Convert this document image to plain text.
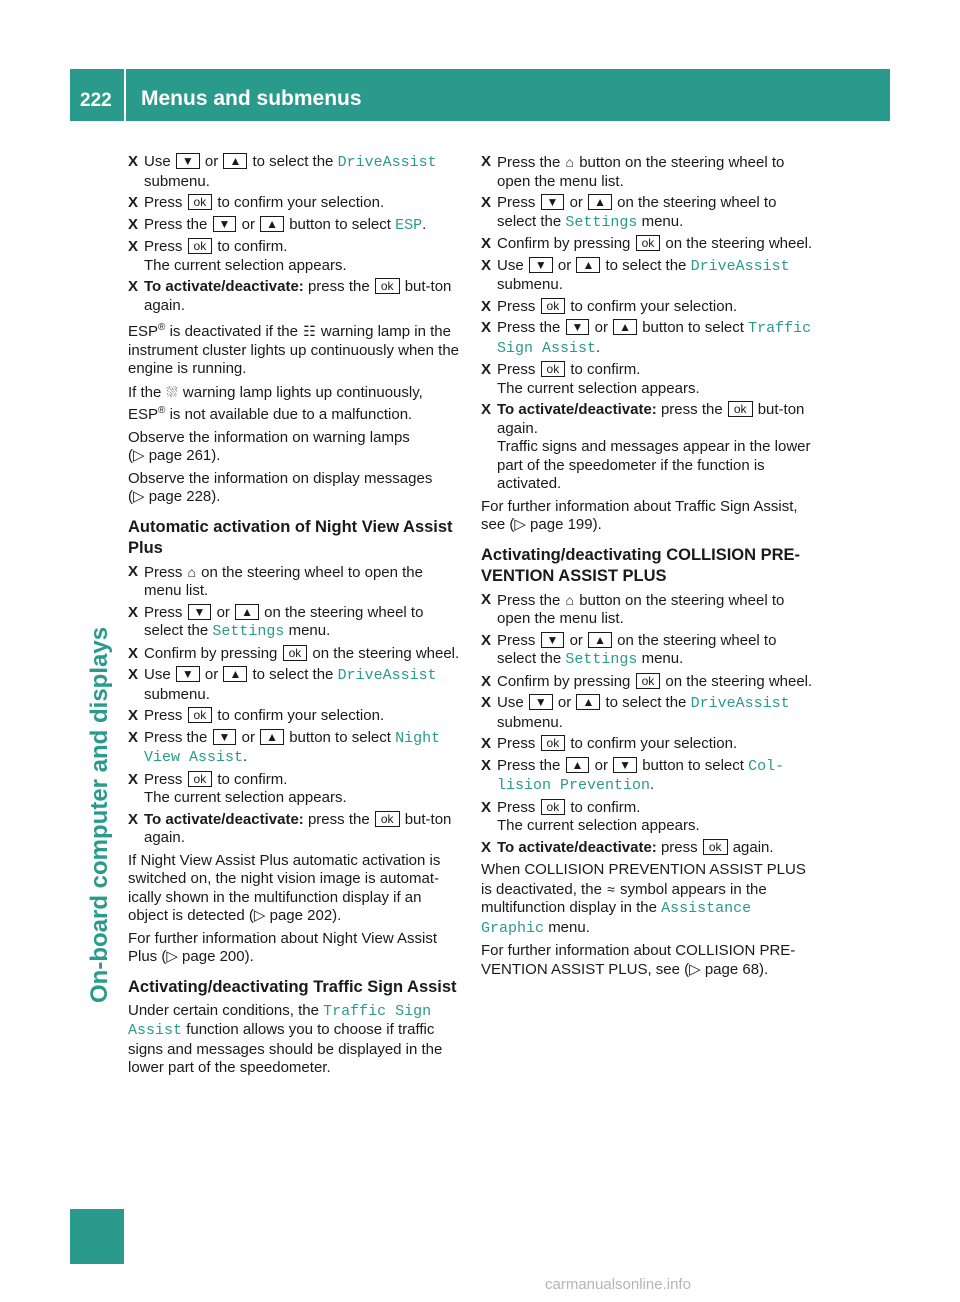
222 Menus and submenus
On-board computer and displays
X Use ▼ or ▲ to select the DriveAssist submenu.
X Press ok to confirm your selection.
X Press the ▼ or ▲ button to select ESP.
X Press ok to confirm.
The current selection appears.
X To activate/deactivate: press the ok but-ton again.
ESP® is deactivated if the ☷ warning lamp in the instrument cluster lights up continuously when the engine is running.
If the ⛆ warning lamp lights up continuously, ESP® is not available due to a malfunction.
Observe the information on warning lamps
(▷ page 261).
Observe the information on display messages
(▷ page 228).
Automatic activation of Night View Assist Plus
X Press ⌂ on the steering wheel to open the menu list.
X Press ▼ or ▲ on the steering wheel to select the Settings menu.
X Confirm by pressing ok on the steering wheel.
X Use ▼ or ▲ to select the DriveAssist submenu.
X Press ok to confirm your selection.
X Press the ▼ or ▲ button to select Night View Assist.
X Press ok to confirm.
The current selection appears.
X To activate/deactivate: press the ok but-ton again.
If Night View Assist Plus automatic activation is switched on, the night vision image is automat-ically shown in the multifunction display if an object is detected (▷ page 202).
For further information about Night View Assist Plus (▷ page 200).
Activating/deactivating Traffic Sign Assist
Under certain conditions, the Traffic Sign Assist function allows you to choose if traffic signs and messages should be displayed in the lower part of the speedometer.
X Press the ⌂ button on the steering wheel to open the menu list.
X Press ▼ or ▲ on the steering wheel to select the Settings menu.
X Confirm by pressing ok on the steering wheel.
X Use ▼ or ▲ to select the DriveAssist submenu.
X Press ok to confirm your selection.
X Press the ▼ or ▲ button to select Traffic Sign Assist.
X Press ok to confirm.
The current selection appears.
X To activate/deactivate: press the ok but-ton again.
Traffic signs and messages appear in the lower part of the speedometer if the function is activated.
For further information about Traffic Sign Assist, see (▷ page 199).
Activating/deactivating COLLISION PRE-VENTION ASSIST PLUS
X Press the ⌂ button on the steering wheel to open the menu list.
X Press ▼ or ▲ on the steering wheel to select the Settings menu.
X Confirm by pressing ok on the steering wheel.
X Use ▼ or ▲ to select the DriveAssist submenu.
X Press ok to confirm your selection.
X Press the ▲ or ▼ button to select Col-lision Prevention.
X Press ok to confirm.
The current selection appears.
X To activate/deactivate: press ok again.
When COLLISION PREVENTION ASSIST PLUS is deactivated, the ≈ symbol appears in the multifunction display in the Assistance Graphic menu.
For further information about COLLISION PRE-VENTION ASSIST PLUS, see (▷ page 68).
carmanualsonline.info
